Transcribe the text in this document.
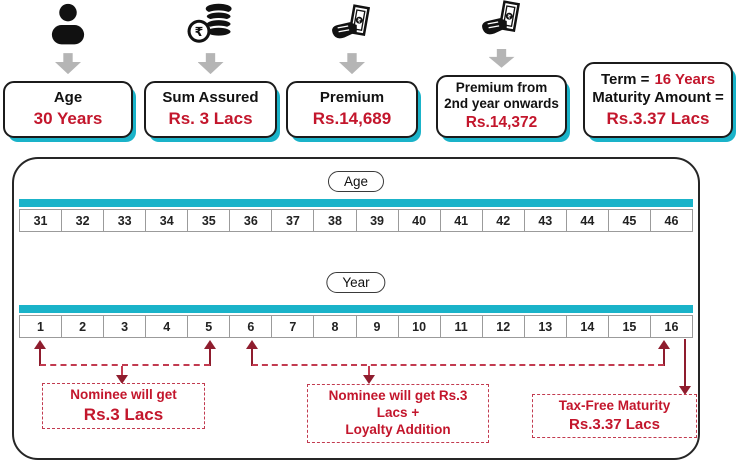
Age
30 Years
₹
Sum Assured
Rs. 3 Lacs
₹
Premium
Rs.14,689
₹
Premium from
2nd year onwards
Rs.14,372
Term = 16 Years
Maturity Amount =
Rs.3.37 Lacs
Age
31	32	33	34	35	36	37	38	39	40	41	42	43	44	45	46
Year
1	2	3	4	5	6	7	8	9	10	11	12	13	14	15	16
Nominee will get
Rs.3 Lacs
Nominee will get Rs.3 Lacs +
Loyalty Addition
Tax-Free Maturity
Rs.3.37 Lacs
